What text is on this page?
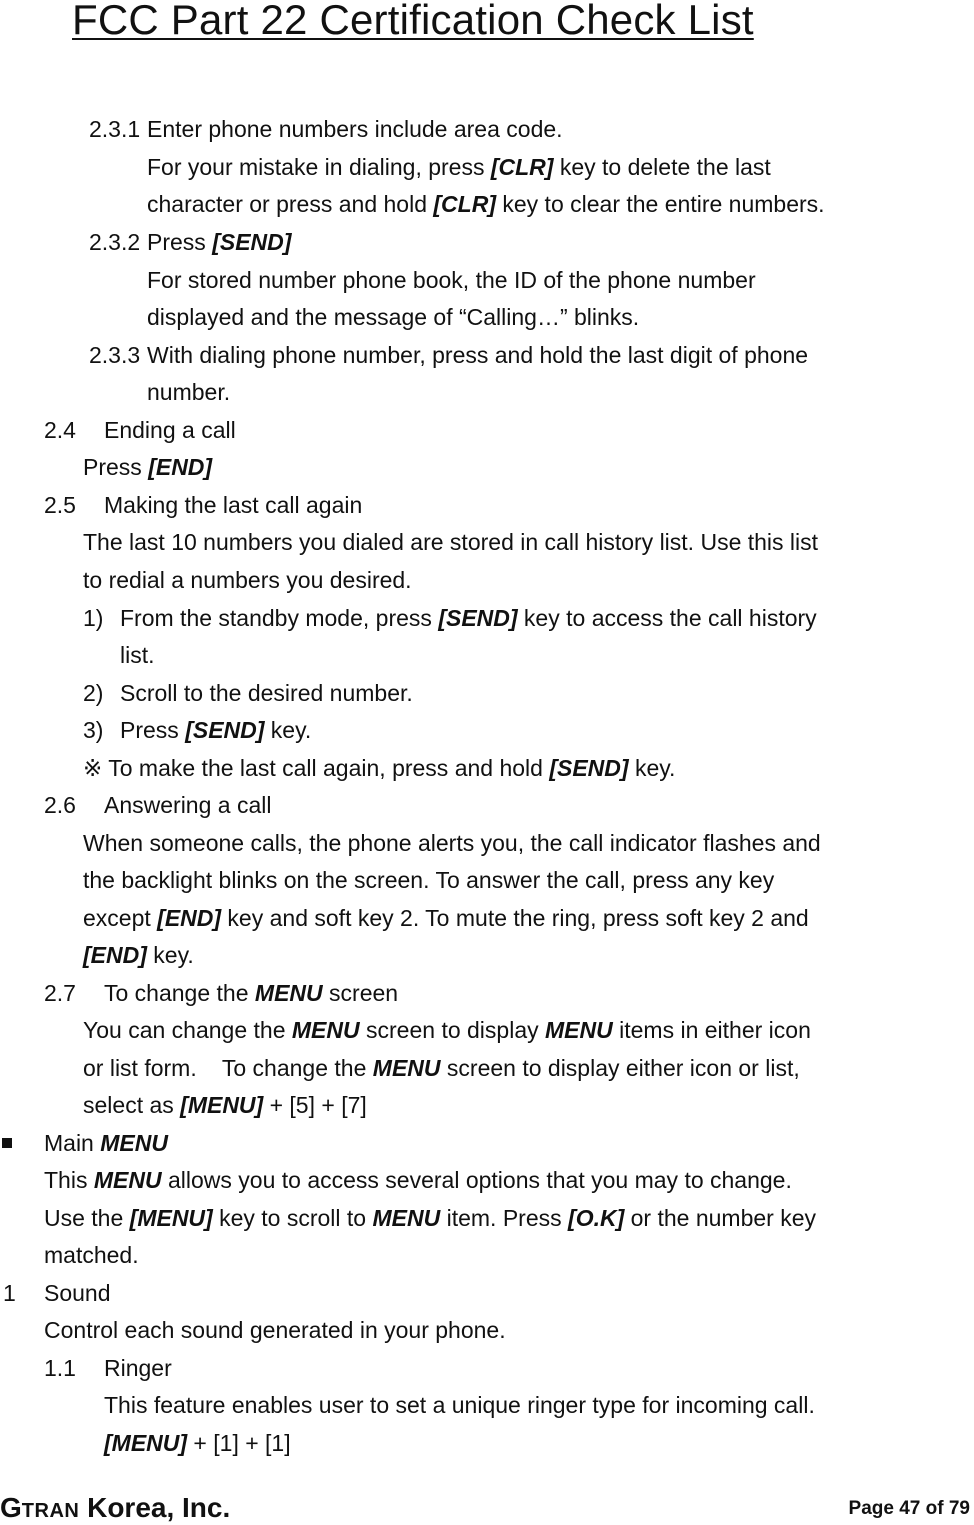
FCC Part 22 Certification Check List
2.3.1 Enter phone numbers include area code.
For your mistake in dialing, press [CLR] key to delete the last
character or press and hold [CLR] key to clear the entire numbers.
2.3.2 Press [SEND]
For stored number phone book, the ID of the phone number
displayed and the message of “Calling…” blinks.
2.3.3 With dialing phone number, press and hold the last digit of phone
number.
2.4 Ending a call
Press [END]
2.5 Making the last call again
The last 10 numbers you dialed are stored in call history list. Use this list
to redial a numbers you desired.
1) From the standby mode, press [SEND] key to access the call history
list.
2) Scroll to the desired number.
3) Press [SEND] key.
※ To make the last call again, press and hold [SEND] key.
2.6 Answering a call
When someone calls, the phone alerts you, the call indicator flashes and
the backlight blinks on the screen. To answer the call, press any key
except [END] key and soft key 2. To mute the ring, press soft key 2 and
[END] key.
2.7 To change the MENU screen
You can change the MENU screen to display MENU items in either icon
or list form.    To change the MENU screen to display either icon or list,
select as [MENU] + [5] + [7]
Main MENU
This MENU allows you to access several options that you may to change.
Use the [MENU] key to scroll to MENU item. Press [O.K] or the number key
matched.
1 Sound
Control each sound generated in your phone.
1.1 Ringer
This feature enables user to set a unique ringer type for incoming call.
[MENU] + [1] + [1]
GTRAN Korea, Inc.	Page 47 of 79
